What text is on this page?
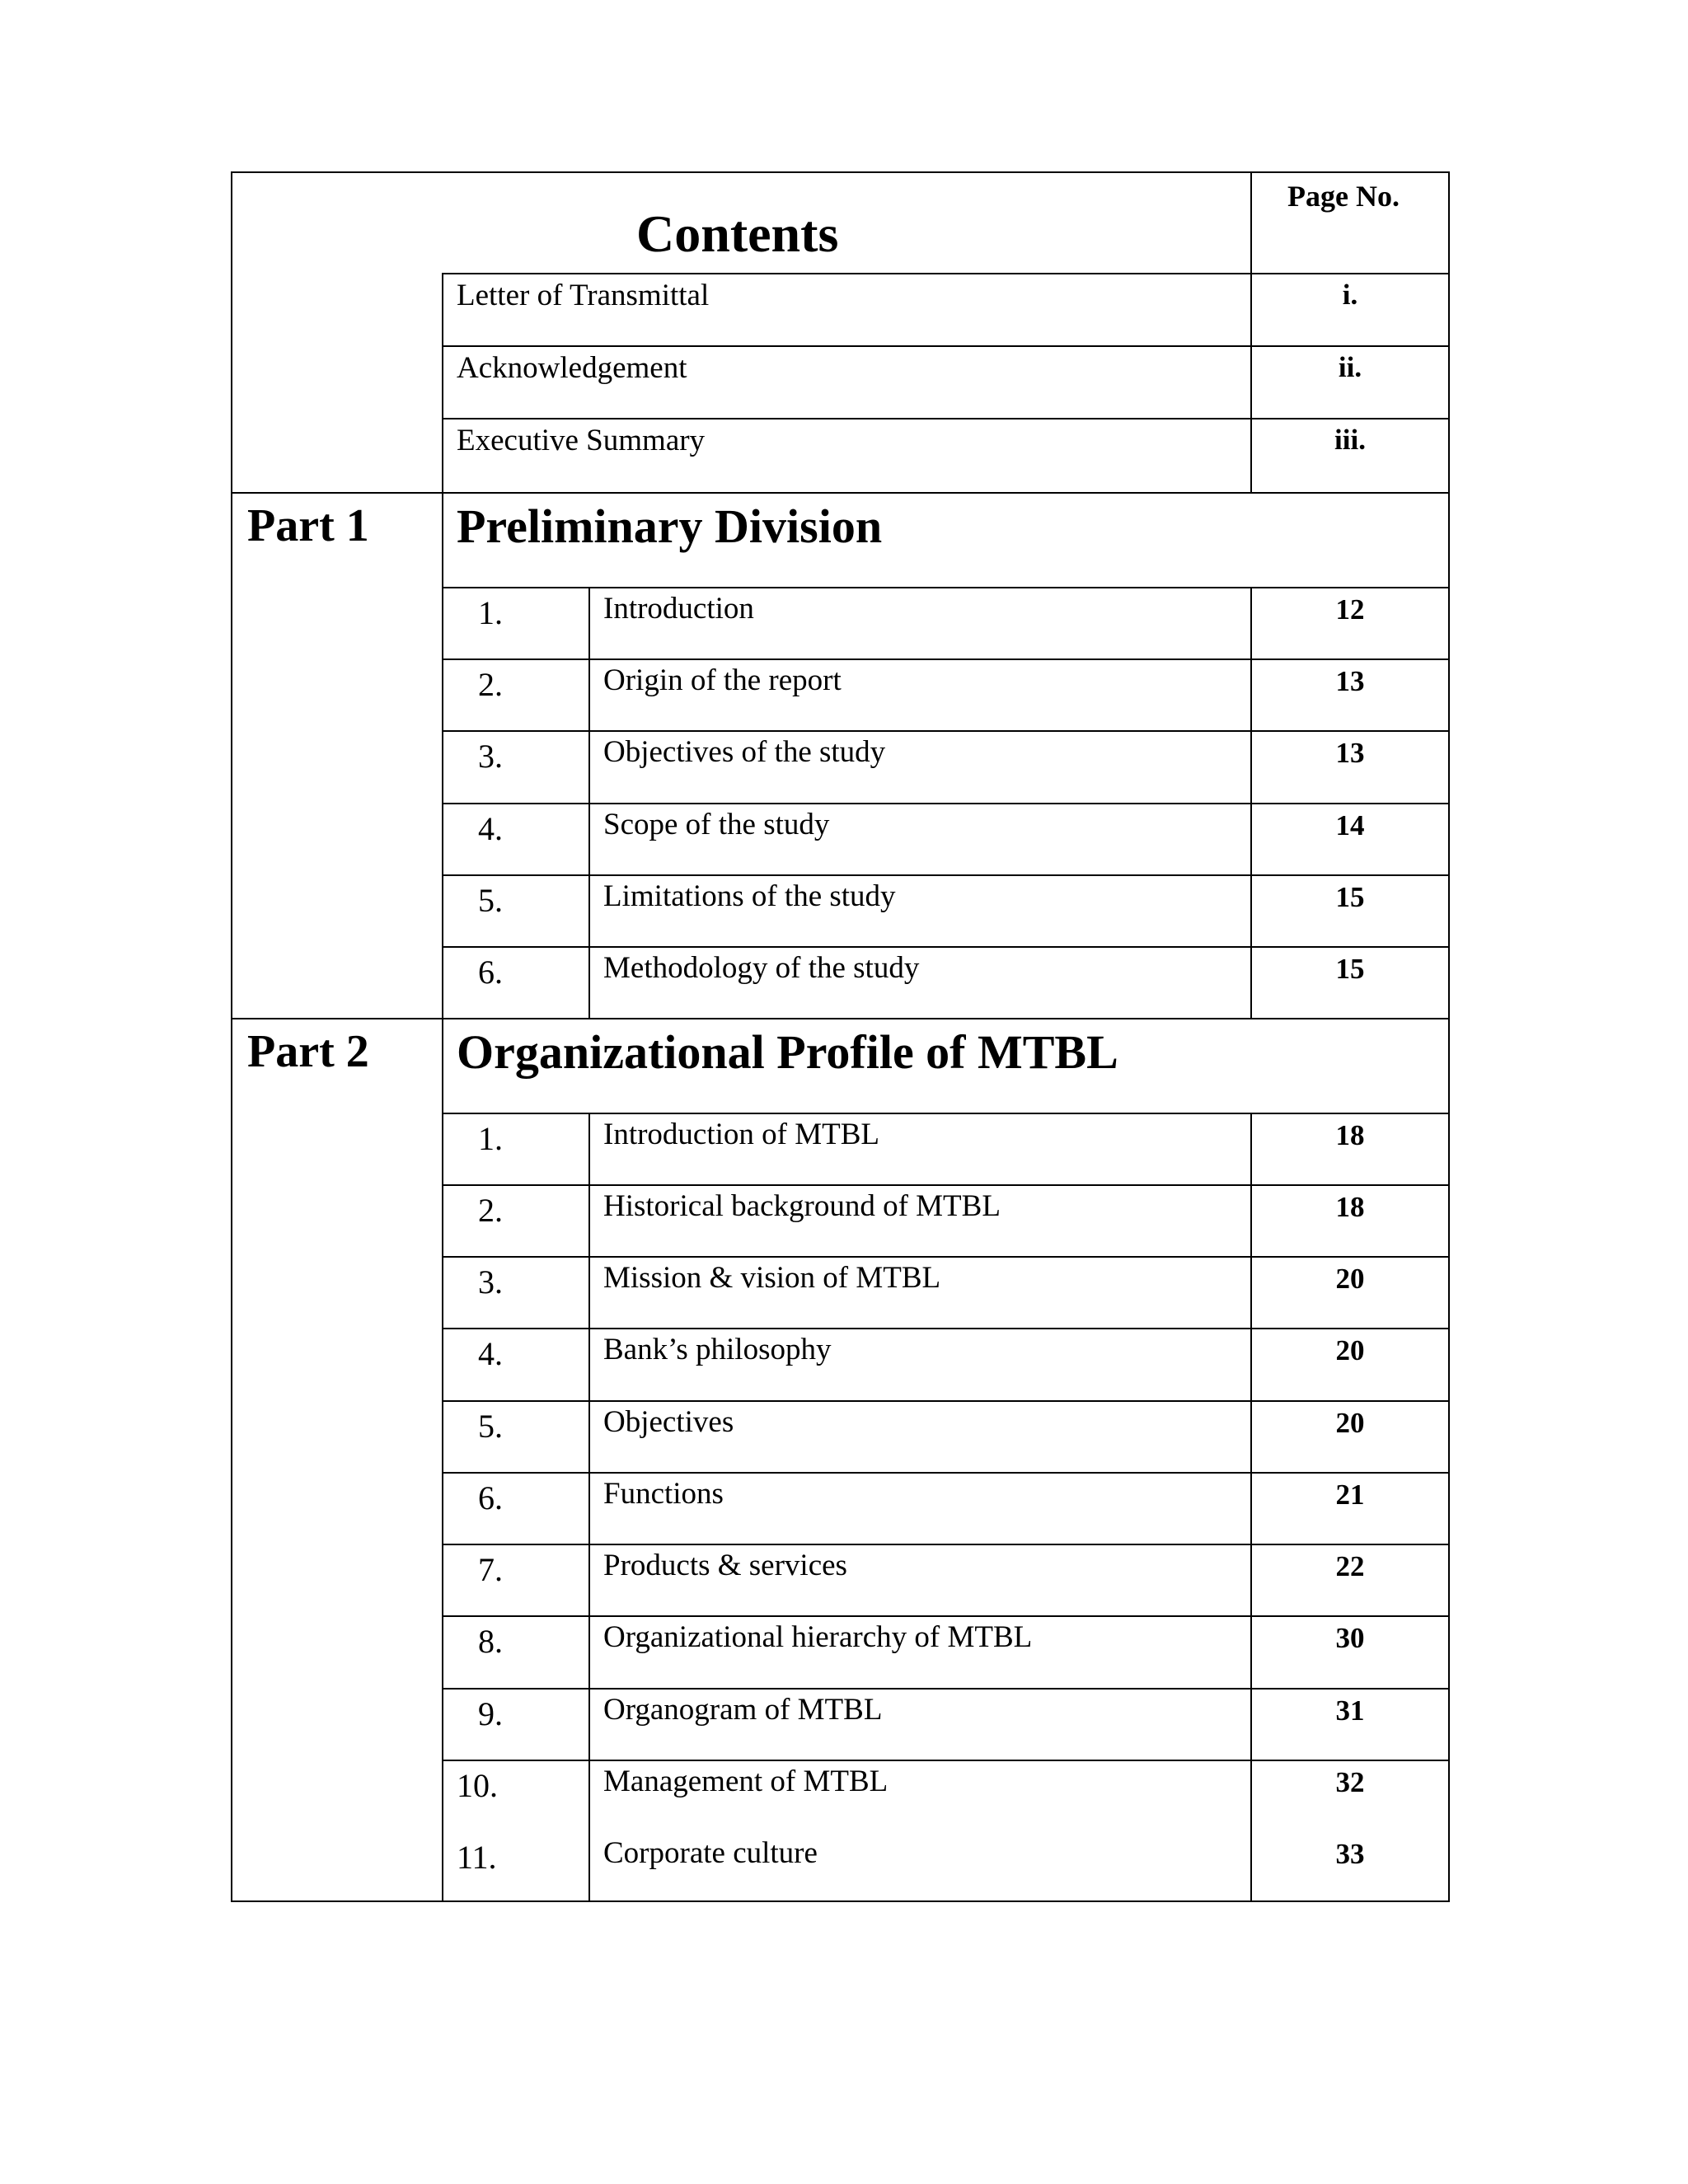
Contents
Page No.
Letter of Transmittal	i.
Acknowledgement	ii.
Executive Summary	iii.
Part 1 Preliminary Division
1.	Introduction	12
2.	Origin of the report	13
3.	Objectives of the study	13
4.	Scope of the study	14
5.	Limitations of the study	15
6.	Methodology of the study	15
Part 2 Organizational Profile of MTBL
1.	Introduction of MTBL	18
2.	Historical background of MTBL	18
3.	Mission & vision of MTBL	20
4.	Bank’s philosophy	20
5.	Objectives	20
6.	Functions	21
7.	Products & services	22
8.	Organizational hierarchy of MTBL	30
9.	Organogram of MTBL	31
10.	Management of MTBL	32
11.	Corporate culture	33
